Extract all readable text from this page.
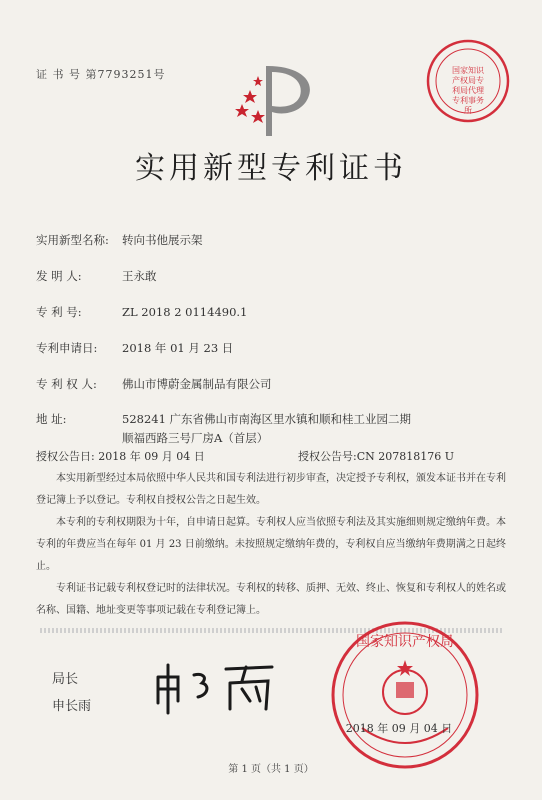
证 书 号 第7793251号	国家知识产权局专利局代理专利事务所
实用新型专利证书
实用新型名称: 转向书他展示架
发 明 人:	王永敢
专 利 号:	ZL 2018 2 0114490.1
专利申请日: 2018 年 01 月 23 日
专 利 权 人: 佛山市博蔚金属制品有限公司
地 址:	528241 广东省佛山市南海区里水镇和顺和桂工业园二期
顺福西路三号厂房A（首层）
授权公告日: 2018 年 09 月 04 日	授权公告号:CN 207818176 U
本实用新型经过本局依照中华人民共和国专利法进行初步审查，决定授予专利权，颁发本证书并在专利登记簿上予以登记。专利权自授权公告之日起生效。
本专利的专利权期限为十年，自申请日起算。专利权人应当依照专利法及其实施细则规定缴纳年费。本专利的年费应当在每年 01 月 23 日前缴纳。未按照规定缴纳年费的，专利权自应当缴纳年费期满之日起终止。
专利证书记载专利权登记时的法律状况。专利权的转移、质押、无效、终止、恢复和专利权人的姓名或名称、国籍、地址变更等事项记载在专利登记簿上。
局长
申长雨
国家知识产权局
2018 年 09 月 04 日
第 1 页（共 1 页）
